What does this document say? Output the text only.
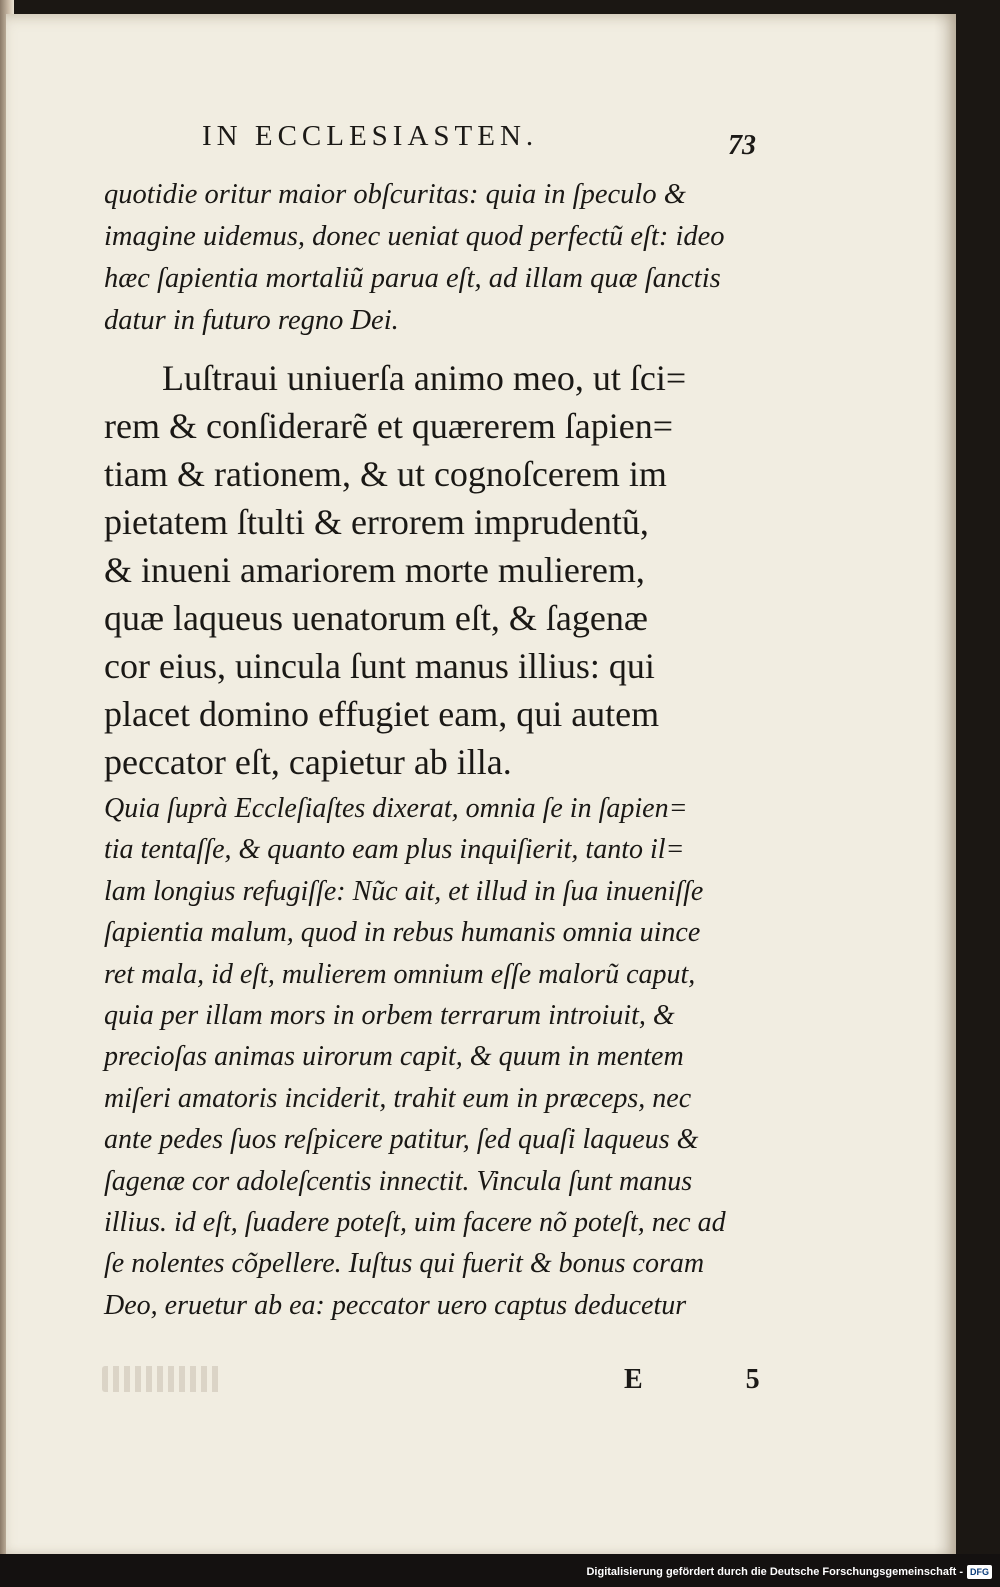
IN ECCLESIASTEN.	73
quotidie oritur maior obſcuritas: quia in ſpeculo &
imagine uidemus, donec ueniat quod perfectũ eſt: ideo
hæc ſapientia mortaliũ parua eſt, ad illam quæ ſanctis
datur in futuro regno Dei.
Luſtraui uniuerſa animo meo, ut ſci=
rem & conſiderarẽ et quærerem ſapien=
tiam & rationem, & ut cognoſcerem im
pietatem ſtulti & errorem imprudentũ,
& inueni amariorem morte mulierem,
quæ laqueus uenatorum eſt, & ſagenæ
cor eius, uincula ſunt manus illius: qui
placet domino effugiet eam, qui autem
peccator eſt, capietur ab illa.
Quia ſuprà Eccleſiaſtes dixerat, omnia ſe in ſapien=
tia tentaſſe, & quanto eam plus inquiſierit, tanto il=
lam longius refugiſſe: Nũc ait, et illud in ſua inueniſſe
ſapientia malum, quod in rebus humanis omnia uince
ret mala, id eſt, mulierem omnium eſſe malorũ caput,
quia per illam mors in orbem terrarum introiuit, &
precioſas animas uirorum capit, & quum in mentem
miſeri amatoris inciderit, trahit eum in præceps, nec
ante pedes ſuos reſpicere patitur, ſed quaſi laqueus &
ſagenæ cor adoleſcentis innectit. Vincula ſunt manus
illius. id eſt, ſuadere poteſt, uim facere nõ poteſt, nec ad
ſe nolentes cõpellere. Iuſtus qui fuerit & bonus coram
Deo, eruetur ab ea: peccator uero captus deducetur
E 5
Digitalisierung gefördert durch die Deutsche Forschungsgemeinschaft - DFG
